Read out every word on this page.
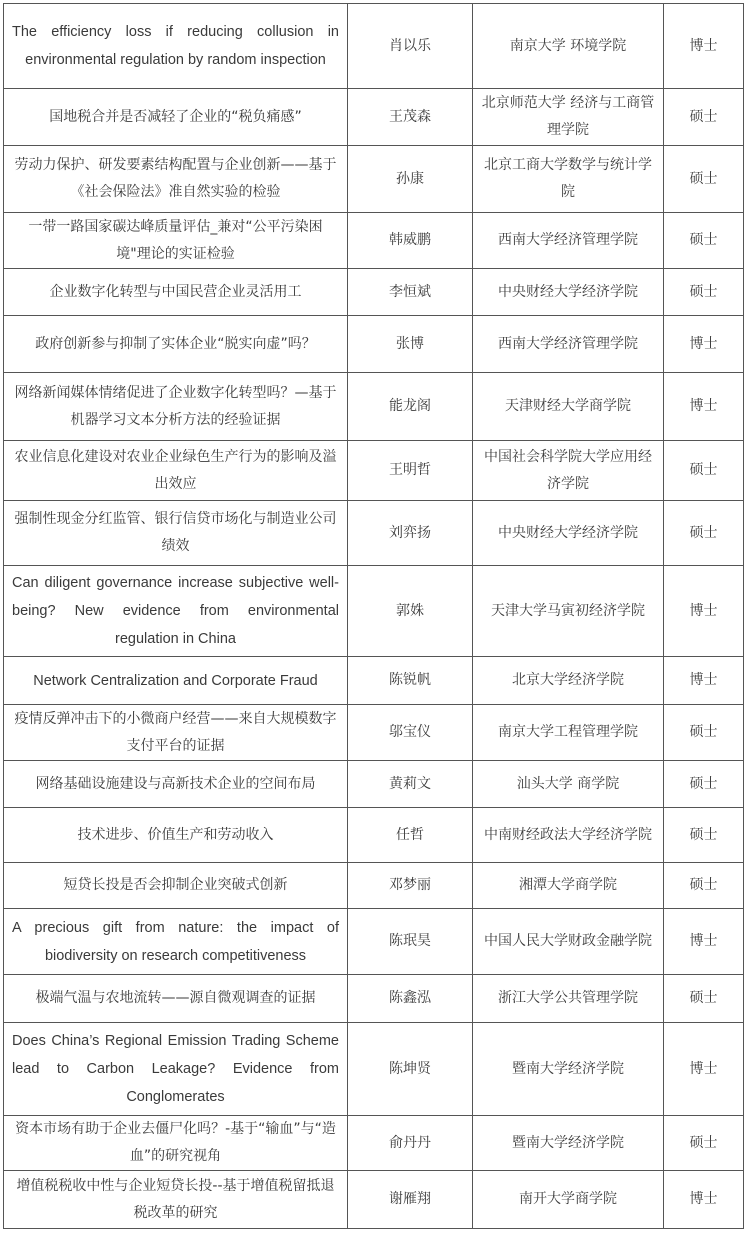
The efficiency loss if reducing collusion in environmental regulation by random inspection	肖以乐	南京大学 环境学院	博士
国地税合并是否减轻了企业的“税负痛感”	王茂森	北京师范大学 经济与工商管理学院	硕士
劳动力保护、研发要素结构配置与企业创新——基于《社会保险法》准自然实验的检验	孙康	北京工商大学数学与统计学院	硕士
一带一路国家碳达峰质量评估_兼对“公平污染困境"理论的实证检验	韩威鹏	西南大学经济管理学院	硕士
企业数字化转型与中国民营企业灵活用工	李恒斌	中央财经大学经济学院	硕士
政府创新参与抑制了实体企业“脱实向虚”吗？	张博	西南大学经济管理学院	博士
网络新闻媒体情绪促进了企业数字化转型吗？—基于机器学习文本分析方法的经验证据	能龙阁	天津财经大学商学院	博士
农业信息化建设对农业企业绿色生产行为的影响及溢出效应	王明哲	中国社会科学院大学应用经济学院	硕士
强制性现金分红监管、银行信贷市场化与制造业公司绩效	刘弈扬	中央财经大学经济学院	硕士
Can diligent governance increase subjective well-being? New evidence from environmental regulation in China	郭姝	天津大学马寅初经济学院	博士
Network Centralization and Corporate Fraud	陈锐帆	北京大学经济学院	博士
疫情反弹冲击下的小微商户经营——来自大规模数字支付平台的证据	邬宝仪	南京大学工程管理学院	硕士
网络基础设施建设与高新技术企业的空间布局	黄莉文	汕头大学 商学院	硕士
技术进步、价值生产和劳动收入	任哲	中南财经政法大学经济学院	硕士
短贷长投是否会抑制企业突破式创新	邓梦丽	湘潭大学商学院	硕士
A precious gift from nature: the impact of biodiversity on research competitiveness	陈珉昊	中国人民大学财政金融学院	博士
极端气温与农地流转——源自微观调查的证据	陈鑫泓	浙江大学公共管理学院	硕士
Does China’s Regional Emission Trading Scheme lead to Carbon Leakage? Evidence from Conglomerates	陈坤贤	暨南大学经济学院	博士
资本市场有助于企业去僵尸化吗？-基于“输血”与“造血”的研究视角	俞丹丹	暨南大学经济学院	硕士
增值税税收中性与企业短贷长投--基于增值税留抵退税改革的研究	谢雁翔	南开大学商学院	博士
